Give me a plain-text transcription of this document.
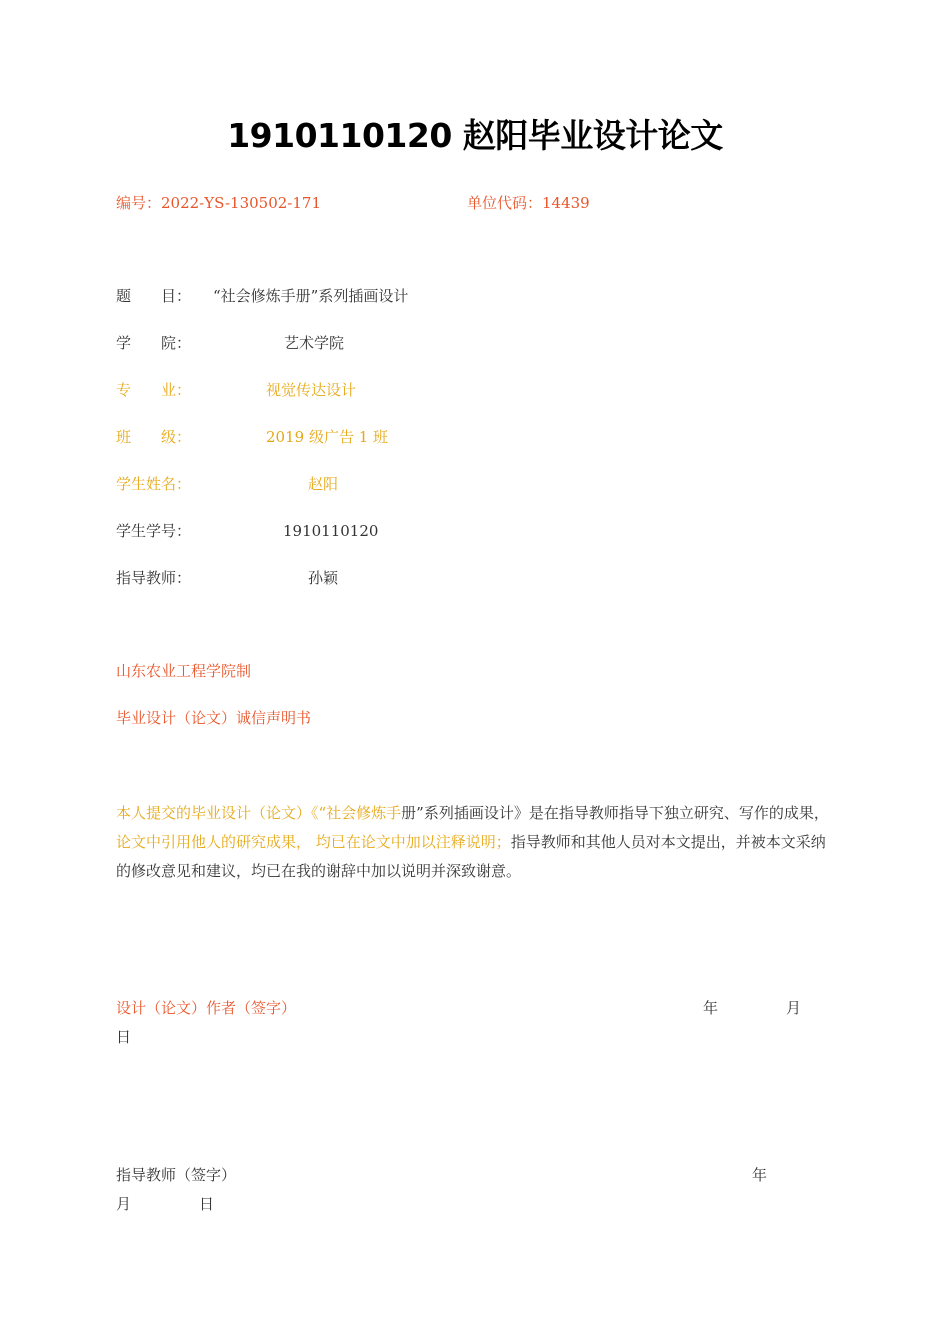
1910110120 赵阳毕业设计论文
编号：2022-YS-130502-171	单位代码：14439
题　　目： “社会修炼手册”系列插画设计
学　　院：	艺术学院
专　　业：	视觉传达设计
班　　级：	2019 级广告 1 班
学生姓名：	赵阳
学生学号：	1910110120
指导教师：	孙颖
山东农业工程学院制
毕业设计（论文）诚信声明书
本人提交的毕业设计（论文）《“社会修炼手册”系列插画设计》是在指导教师指导下独立研究、写作的成果，论文中引用他人的研究成果， 均已在论文中加以注释说明；指导教师和其他人员对本文提出，并被本文采纳的修改意见和建议，均已在我的谢辞中加以说明并深致谢意。
设计（论文）作者（签字）	年	月
日
指导教师（签字）	年
月	日
